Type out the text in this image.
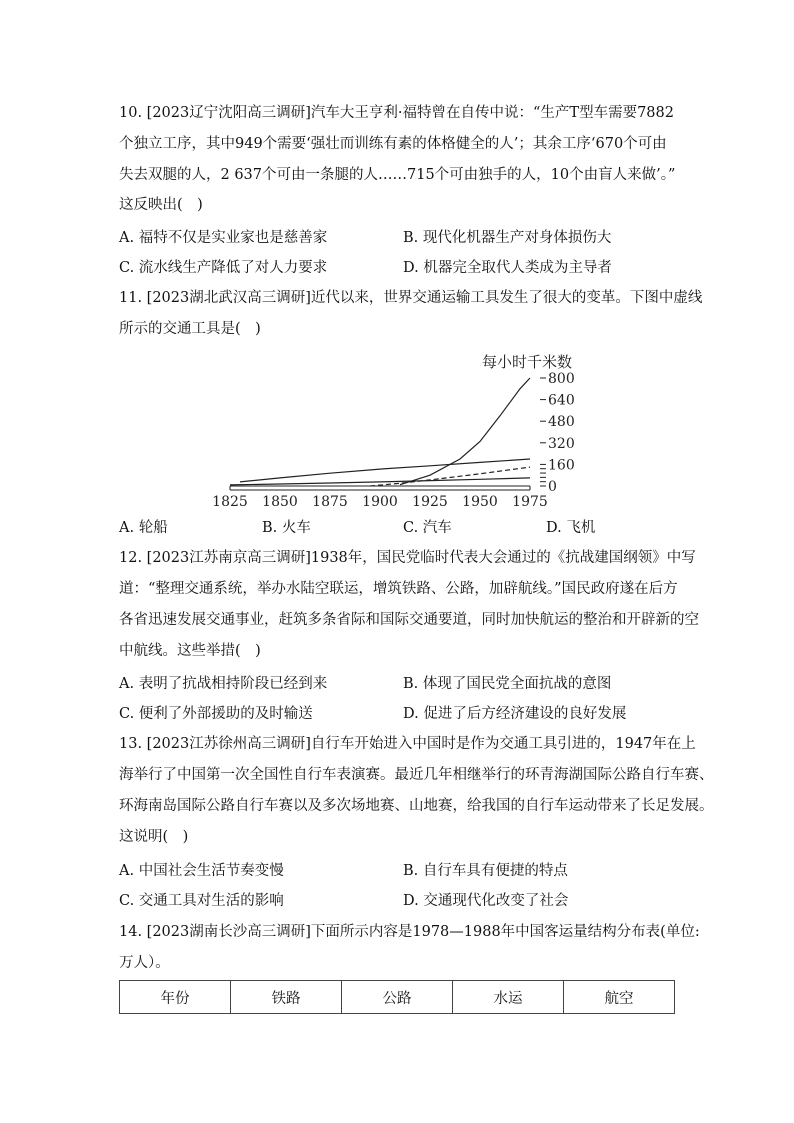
10. [2023辽宁沈阳高三调研]汽车大王亨利·福特曾在自传中说：“生产T型车需要7882
个独立工序，其中949个需要‘强壮而训练有素的体格健全的人’；其余工序‘670个可由
失去双腿的人，2 637个可由一条腿的人……715个可由独手的人，10个由盲人来做’。”
这反映出(　)
A. 福特不仅是实业家也是慈善家	B. 现代化机器生产对身体损伤大
C. 流水线生产降低了对人力要求	D. 机器完全取代人类成为主导者
11. [2023湖北武汉高三调研]近代以来，世界交通运输工具发生了很大的变革。下图中虚线
所示的交通工具是(　)
每小时千米数
800
640
480
320
160
0
1825 1850 1875 1900 1925 1950 1975
A. 轮船	B. 火车	C. 汽车	D. 飞机
12. [2023江苏南京高三调研]1938年，国民党临时代表大会通过的《抗战建国纲领》中写
道：“整理交通系统，举办水陆空联运，增筑铁路、公路，加辟航线。”国民政府遂在后方
各省迅速发展交通事业，赶筑多条省际和国际交通要道，同时加快航运的整治和开辟新的空
中航线。这些举措(　)
A. 表明了抗战相持阶段已经到来	B. 体现了国民党全面抗战的意图
C. 便利了外部援助的及时输送	D. 促进了后方经济建设的良好发展
13. [2023江苏徐州高三调研]自行车开始进入中国时是作为交通工具引进的，1947年在上
海举行了中国第一次全国性自行车表演赛。最近几年相继举行的环青海湖国际公路自行车赛、
环海南岛国际公路自行车赛以及多次场地赛、山地赛，给我国的自行车运动带来了长足发展。
这说明(　)
A. 中国社会生活节奏变慢	B. 自行车具有便捷的特点
C. 交通工具对生活的影响	D. 交通现代化改变了社会
14. [2023湖南长沙高三调研]下面所示内容是1978—1988年中国客运量结构分布表(单位:
万人）。
年份	铁路	公路	水运	航空
